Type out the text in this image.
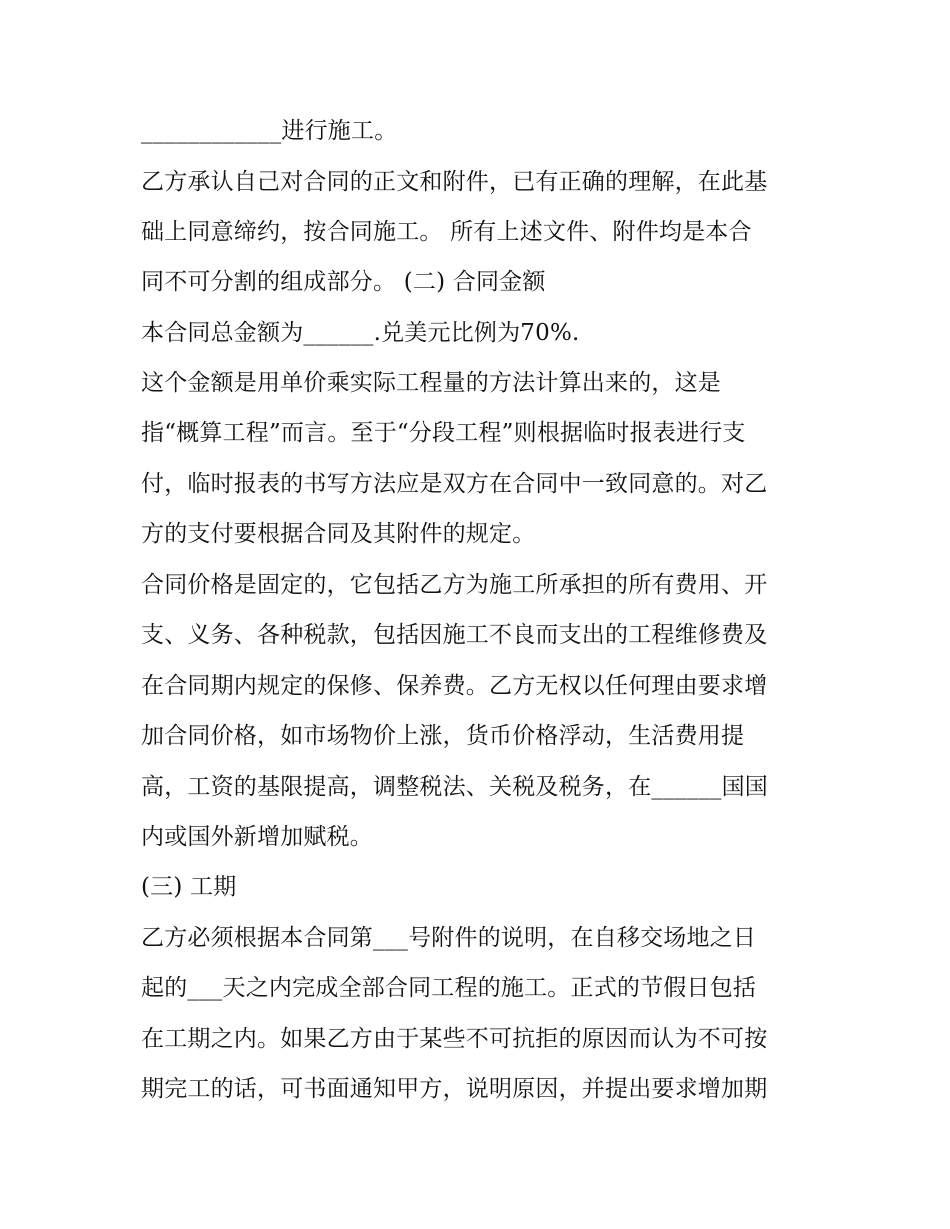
____________进行施工。
乙方承认自己对合同的正文和附件，已有正确的理解，在此基
础上同意缔约，按合同施工。 所有上述文件、附件均是本合
同不可分割的组成部分。 (二) 合同金额
本合同总金额为______.兑美元比例为70%.
这个金额是用单价乘实际工程量的方法计算出来的，这是
指“概算工程”而言。至于“分段工程”则根据临时报表进行支
付，临时报表的书写方法应是双方在合同中一致同意的。对乙
方的支付要根据合同及其附件的规定。
合同价格是固定的，它包括乙方为施工所承担的所有费用、开
支、义务、各种税款，包括因施工不良而支出的工程维修费及
在合同期内规定的保修、保养费。乙方无权以任何理由要求增
加合同价格，如市场物价上涨，货币价格浮动，生活费用提
高，工资的基限提高，调整税法、关税及税务，在______国国
内或国外新增加赋税。
(三) 工期
乙方必须根据本合同第___号附件的说明，在自移交场地之日
起的___天之内完成全部合同工程的施工。正式的节假日包括
在工期之内。如果乙方由于某些不可抗拒的原因而认为不可按
期完工的话，可书面通知甲方，说明原因，并提出要求增加期
